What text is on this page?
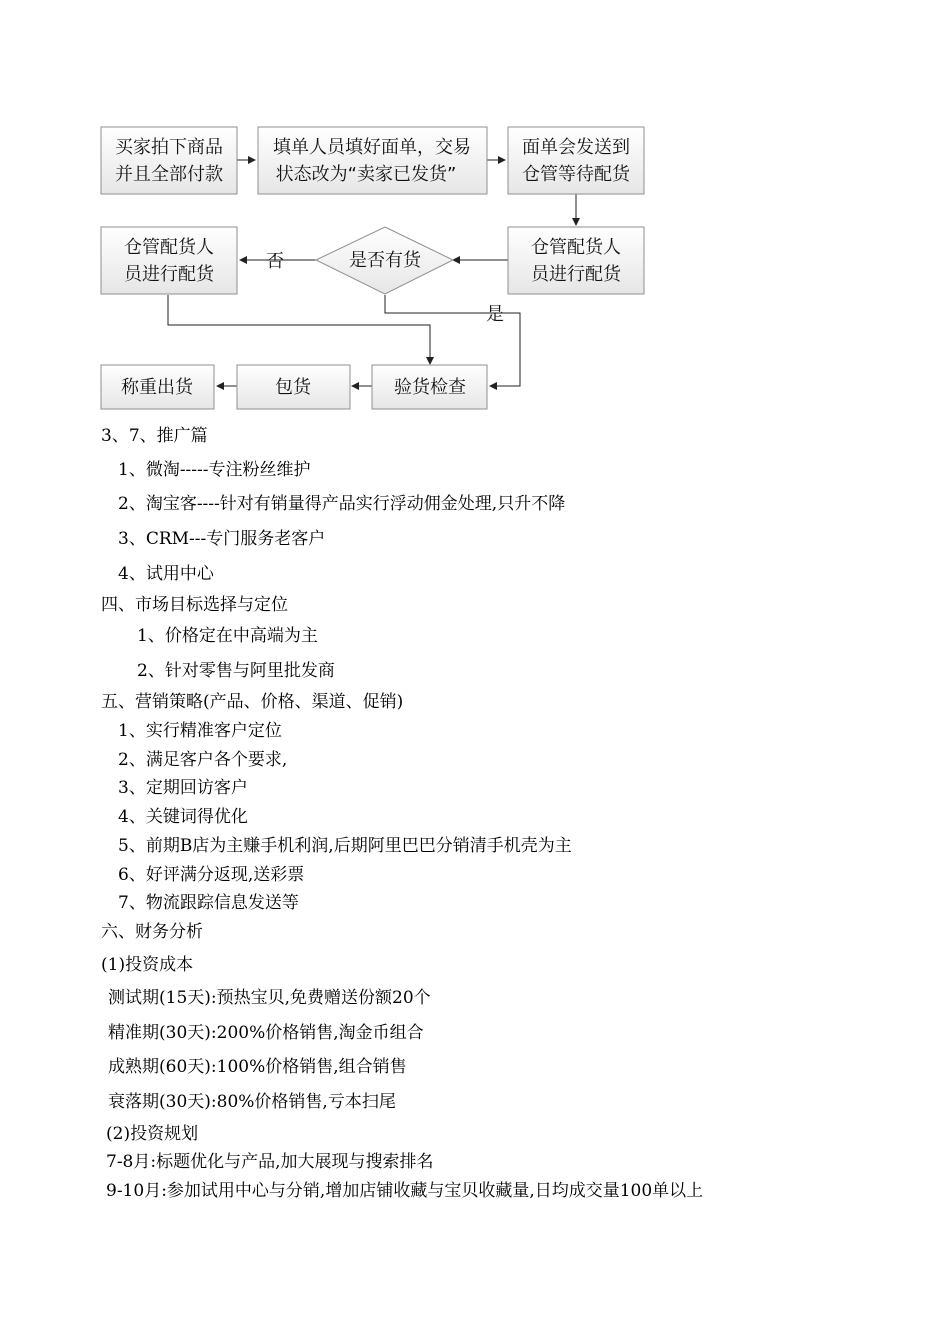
买家拍下商品
并且全部付款
填单人员填好面单，交易
状态改为“卖家已发货”
面单会发送到
仓管等待配货
仓管配货人
员进行配货
仓管配货人
员进行配货
是否有货
验货检查
包货
称重出货
否
是
3、7、推广篇
1、微淘-----专注粉丝维护
2、淘宝客----针对有销量得产品实行浮动佣金处理,只升不降
3、CRM---专门服务老客户
4、试用中心
四、市场目标选择与定位
1、价格定在中高端为主
2、针对零售与阿里批发商
五、营销策略(产品、价格、渠道、促销)
1、实行精准客户定位
2、满足客户各个要求,
3、定期回访客户
4、关键词得优化
5、前期B店为主赚手机利润,后期阿里巴巴分销清手机壳为主
6、好评满分返现,送彩票
7、物流跟踪信息发送等
六、财务分析
(1)投资成本
测试期(15天):预热宝贝,免费赠送份额20个
精准期(30天):200%价格销售,淘金币组合
成熟期(60天):100%价格销售,组合销售
衰落期(30天):80%价格销售,亏本扫尾
(2)投资规划
7-8月:标题优化与产品,加大展现与搜索排名
9-10月:参加试用中心与分销,增加店铺收藏与宝贝收藏量,日均成交量100单以上
